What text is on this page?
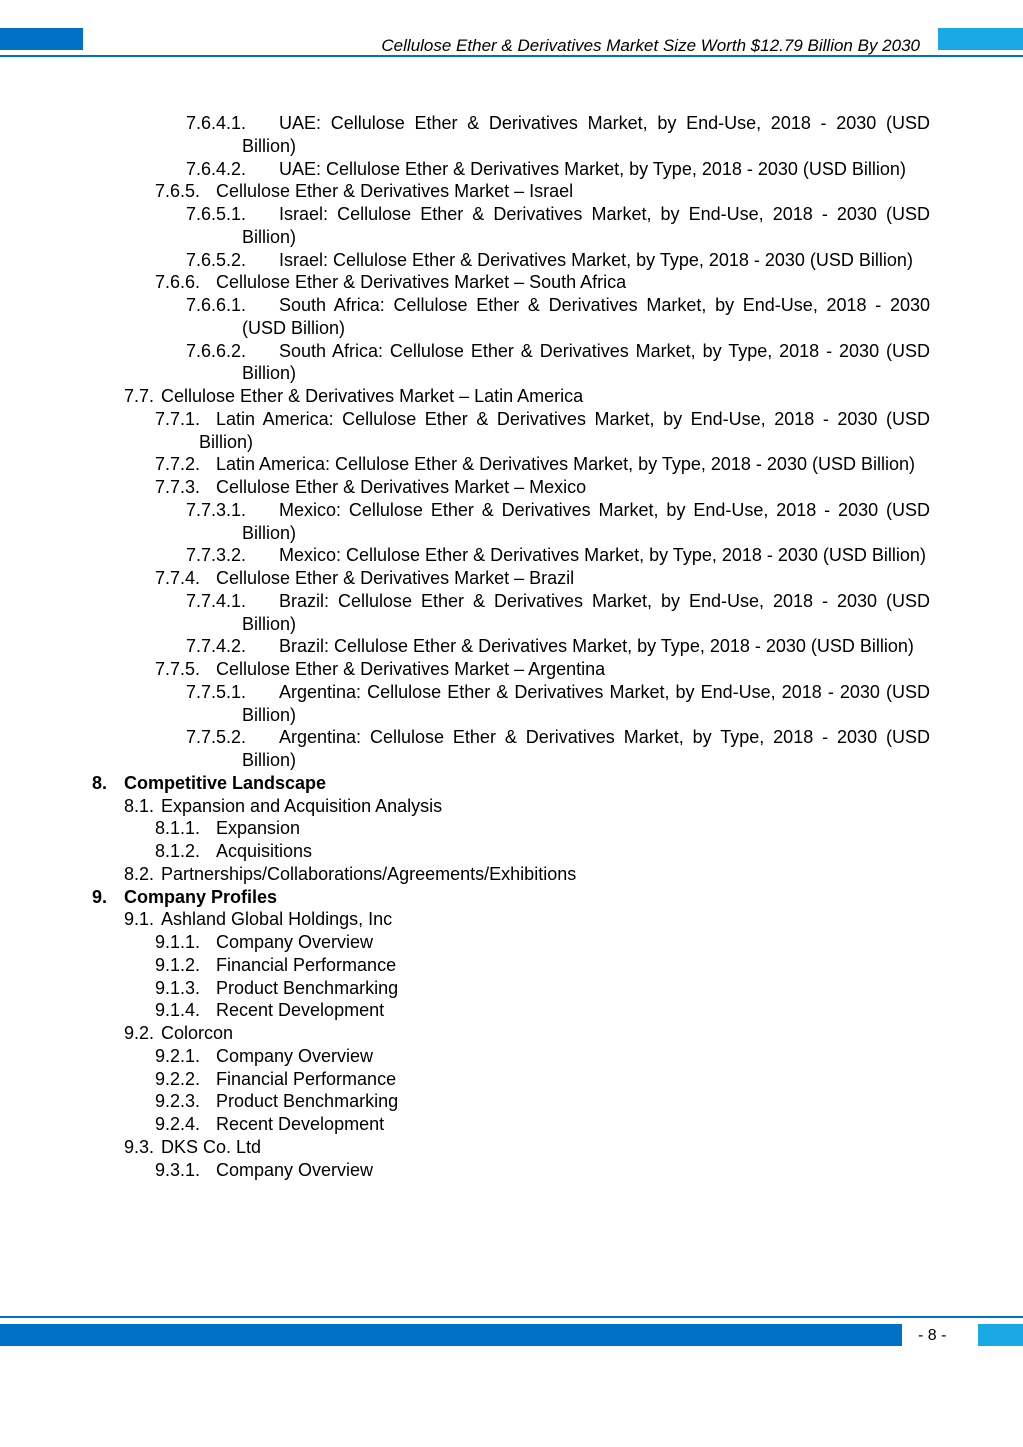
Cellulose Ether & Derivatives Market Size Worth $12.79 Billion By 2030
7.6.4.1.	UAE: Cellulose Ether & Derivatives Market, by End-Use, 2018 - 2030 (USD Billion)
7.6.4.2.	UAE: Cellulose Ether & Derivatives Market, by Type, 2018 - 2030 (USD Billion)
7.6.5. Cellulose Ether & Derivatives Market – Israel
7.6.5.1.	Israel: Cellulose Ether & Derivatives Market, by End-Use, 2018 - 2030 (USD Billion)
7.6.5.2.	Israel: Cellulose Ether & Derivatives Market, by Type, 2018 - 2030 (USD Billion)
7.6.6. Cellulose Ether & Derivatives Market – South Africa
7.6.6.1.	South Africa: Cellulose Ether & Derivatives Market, by End-Use, 2018 - 2030 (USD Billion)
7.6.6.2.	South Africa: Cellulose Ether & Derivatives Market, by Type, 2018 - 2030 (USD Billion)
7.7. Cellulose Ether & Derivatives Market – Latin America
7.7.1. Latin America: Cellulose Ether & Derivatives Market, by End-Use, 2018 - 2030 (USD Billion)
7.7.2. Latin America: Cellulose Ether & Derivatives Market, by Type, 2018 - 2030 (USD Billion)
7.7.3. Cellulose Ether & Derivatives Market – Mexico
7.7.3.1.	Mexico: Cellulose Ether & Derivatives Market, by End-Use, 2018 - 2030 (USD Billion)
7.7.3.2.	Mexico: Cellulose Ether & Derivatives Market, by Type, 2018 - 2030 (USD Billion)
7.7.4. Cellulose Ether & Derivatives Market – Brazil
7.7.4.1.	Brazil: Cellulose Ether & Derivatives Market, by End-Use, 2018 - 2030 (USD Billion)
7.7.4.2.	Brazil: Cellulose Ether & Derivatives Market, by Type, 2018 - 2030 (USD Billion)
7.7.5. Cellulose Ether & Derivatives Market – Argentina
7.7.5.1.	Argentina: Cellulose Ether & Derivatives Market, by End-Use, 2018 - 2030 (USD Billion)
7.7.5.2.	Argentina: Cellulose Ether & Derivatives Market, by Type, 2018 - 2030 (USD Billion)
8. Competitive Landscape
8.1. Expansion and Acquisition Analysis
8.1.1. Expansion
8.1.2. Acquisitions
8.2. Partnerships/Collaborations/Agreements/Exhibitions
9. Company Profiles
9.1. Ashland Global Holdings, Inc
9.1.1. Company Overview
9.1.2. Financial Performance
9.1.3. Product Benchmarking
9.1.4. Recent Development
9.2. Colorcon
9.2.1. Company Overview
9.2.2. Financial Performance
9.2.3. Product Benchmarking
9.2.4. Recent Development
9.3. DKS Co. Ltd
9.3.1. Company Overview
- 8 -
